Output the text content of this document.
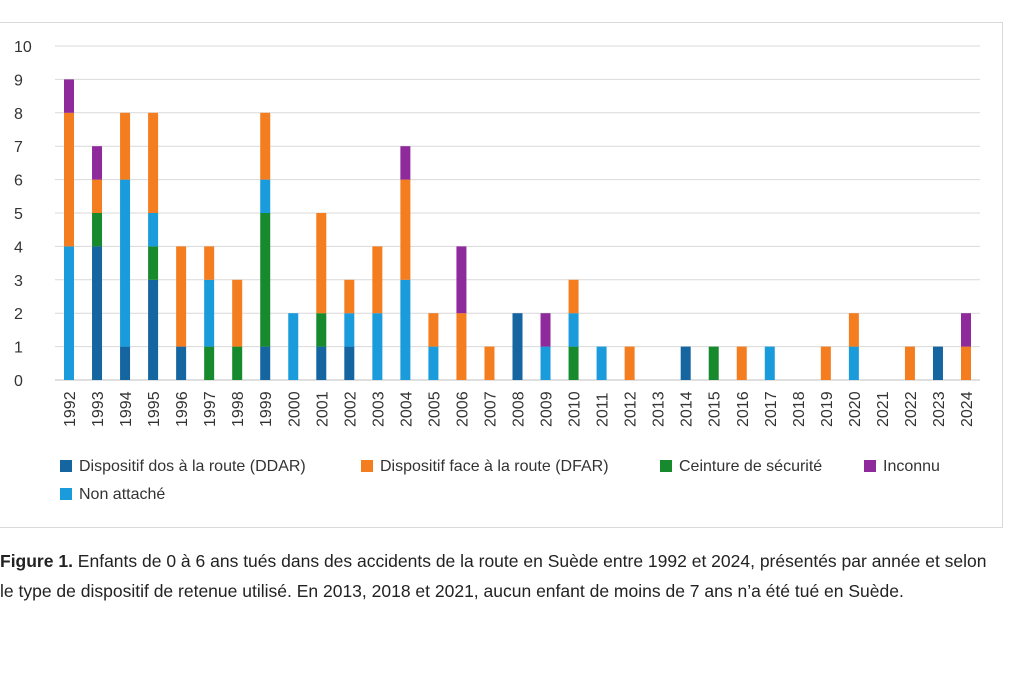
0
1
2
3
4
5
6
7
8
9
10
1992 1993 1994 1995 1996 1997 1998 1999 2000 2001 2002 2003 2004 2005 2006 2007 2008 2009 2010 2011 2012 2013 2014 2015 2016 2017 2018 2019 2020 2021 2022 2023 2024
Dispositif dos à la route (DDAR)	Dispositif face à la route (DFAR)	Ceinture de sécurité	Inconnu
Non attaché
Figure 1. Enfants de 0 à 6 ans tués dans des accidents de la route en Suède entre 1992 et 2024, présentés par année et selon le type de dispositif de retenue utilisé. En 2013, 2018 et 2021, aucun enfant de moins de 7 ans n’a été tué en Suède.
